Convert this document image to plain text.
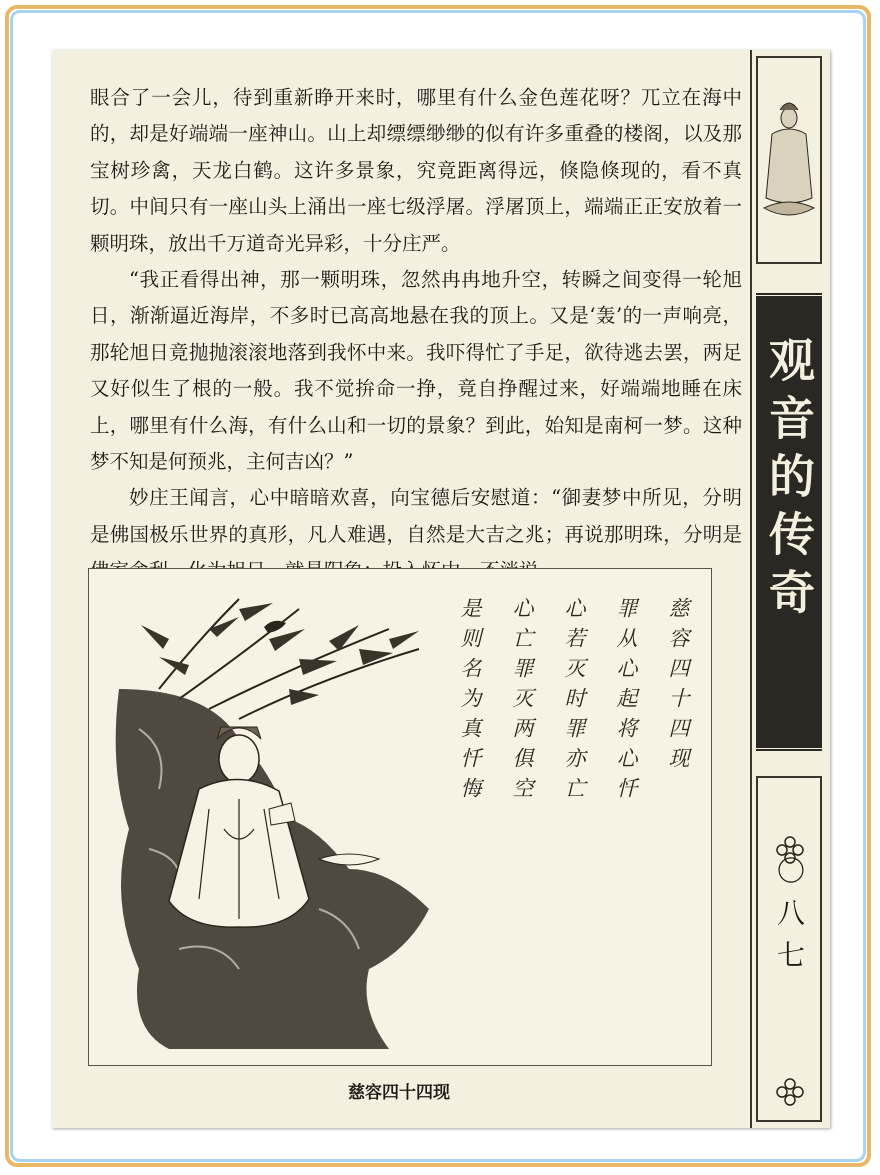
眼合了一会儿，待到重新睁开来时，哪里有什么金色莲花呀？兀立在海中的，却是好端端一座神山。山上却缥缥缈缈的似有许多重叠的楼阁，以及那宝树珍禽，天龙白鹤。这许多景象，究竟距离得远，倏隐倏现的，看不真切。中间只有一座山头上涌出一座七级浮屠。浮屠顶上，端端正正安放着一颗明珠，放出千万道奇光异彩，十分庄严。

“我正看得出神，那一颗明珠，忽然冉冉地升空，转瞬之间变得一轮旭日，渐渐逼近海岸，不多时已高高地悬在我的顶上。又是‘轰’的一声响亮，那轮旭日竟抛抛滚滚地落到我怀中来。我吓得忙了手足，欲待逃去罢，两足又好似生了根的一般。我不觉拚命一挣，竟自挣醒过来，好端端地睡在床上，哪里有什么海，有什么山和一切的景象？到此，始知是南柯一梦。这种梦不知是何预兆，主何吉凶？”

妙庄王闻言，心中暗暗欢喜，向宝德后安慰道：“御妻梦中所见，分明是佛国极乐世界的真形，凡人难遇，自然是大吉之兆；再说那明珠，分明是

慈容四十四现
罪从心起将心忏
心若灭时罪亦亡
心亡罪灭两俱空
是则名为真忏悔
慈容四十四现
观音的传奇
〇八七
